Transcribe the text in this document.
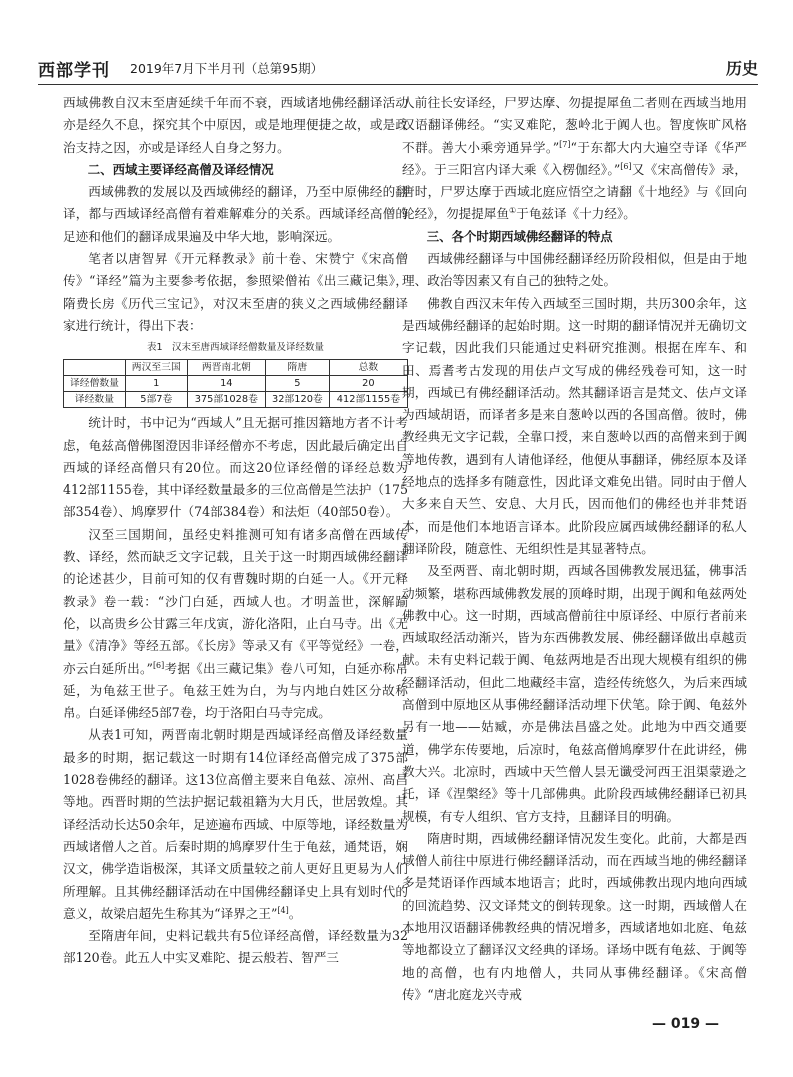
西部学刊 2019年7月下半月刊（总第95期）	历史

西域佛教自汉末至唐延续千年而不衰，西域诸地佛经翻译活动亦是经久不息，探究其个中原因，或是地理便捷之故，或是政治支持之因，亦或是译经人自身之努力。

二、西域主要译经高僧及译经情况

西域佛教的发展以及西域佛经的翻译，乃至中原佛经的翻译，都与西域译经高僧有着难解难分的关系。西域译经高僧的足迹和他们的翻译成果遍及中华大地，影响深远。

笔者以唐智昇《开元释教录》前十卷、宋赞宁《宋高僧传》“译经”篇为主要参考依据，参照梁僧祐《出三藏记集》，隋费长房《历代三宝记》，对汉末至唐的狭义之西域佛经翻译家进行统计，得出下表：

表1　汉末至唐西域译经僧数量及译经数量
	两汉至三国	两晋南北朝	隋唐	总数
译经僧数量	1	14	5	20
译经数量	5部7卷	375部1028卷	32部120卷	412部1155卷

统计时，书中记为“西域人”且无据可推因籍地方者不计考虑，龟兹高僧佛图澄因非译经僧亦不考虑，因此最后确定出自西域的译经高僧只有20位。而这20位译经僧的译经总数为412部1155卷，其中译经数量最多的三位高僧是竺法护（175部354卷）、鸠摩罗什（74部384卷）和法炬（40部50卷）。

汉至三国期间，虽经史料推测可知有诸多高僧在西域传教、译经，然而缺乏文字记载，且关于这一时期西域佛经翻译的论述甚少，目前可知的仅有曹魏时期的白延一人。《开元释教录》卷一载：“沙门白延，西域人也。才明盖世，深解踰伦，以高贵乡公甘露三年戊寅，游化洛阳，止白马寺。出《无量》《清净》等经五部。《长房》等录又有《平等觉经》一卷，亦云白延所出。”[6]考据《出三藏记集》卷八可知，白延亦称帛延，为龟兹王世子。龟兹王姓为白，为与内地白姓区分故称帛。白延译佛经5部7卷，均于洛阳白马寺完成。

从表1可知，两晋南北朝时期是西域译经高僧及译经数量最多的时期，据记载这一时期有14位译经高僧完成了375部1028卷佛经的翻译。这13位高僧主要来自龟兹、凉州、高昌等地。西晋时期的竺法护据记载祖籍为大月氏，世居敦煌。其译经活动长达50余年，足迹遍布西域、中原等地，译经数量为西域诸僧人之首。后秦时期的鸠摩罗什生于龟兹，通梵语，娴汉文，佛学造诣极深，其译文质量较之前人更好且更易为人们所理解。且其佛经翻译活动在中国佛经翻译史上具有划时代的意义，故梁启超先生称其为“译界之王”[4]。

至隋唐年间，史料记载共有5位译经高僧，译经数量为32部120卷。此五人中实叉难陀、提云般若、智严三

人前往长安译经，尸罗达摩、勿提提犀鱼二者则在西域当地用汉语翻译佛经。“实叉难陀，葱岭北于阗人也。智度恢旷风格不群。善大小乘旁通异学。”[7]“于东都大内大遍空寺译《华严经》。于三阳宫内译大乘《入楞伽经》。”[6]又《宋高僧传》录，唐时，尸罗达摩于西域北庭应悟空之请翻《十地经》与《回向轮经》，勿提提犀鱼①于龟兹译《十力经》。

三、各个时期西域佛经翻译的特点

西域佛经翻译与中国佛经翻译经历阶段相似，但是由于地理、政治等因素又有自己的独特之处。

佛教自西汉末年传入西域至三国时期，共历300余年，这是西域佛经翻译的起始时期。这一时期的翻译情况并无确切文字记载，因此我们只能通过史料研究推测。根据在库车、和田、焉耆考古发现的用佉卢文写成的佛经残卷可知，这一时期，西域已有佛经翻译活动。然其翻译语言是梵文、佉卢文译为西域胡语，而译者多是来自葱岭以西的各国高僧。彼时，佛教经典无文字记载，全靠口授，来自葱岭以西的高僧来到于阗等地传教，遇到有人请他译经，他便从事翻译，佛经原本及译经地点的选择多有随意性，因此译文难免出错。同时由于僧人大多来自天竺、安息、大月氏，因而他们的佛经也并非梵语本，而是他们本地语言译本。此阶段应属西域佛经翻译的私人翻译阶段，随意性、无组织性是其显著特点。

及至两晋、南北朝时期，西域各国佛教发展迅猛，佛事活动频繁，堪称西域佛教发展的顶峰时期，出现于阗和龟兹两处佛教中心。这一时期，西域高僧前往中原译经、中原行者前来西域取经活动渐兴，皆为东西佛教发展、佛经翻译做出卓越贡献。未有史料记载于阗、龟兹两地是否出现大规模有组织的佛经翻译活动，但此二地藏经丰富，造经传统悠久，为后来西域高僧到中原地区从事佛经翻译活动埋下伏笔。除于阗、龟兹外另有一地——姑臧，亦是佛法昌盛之处。此地为中西交通要道，佛学东传要地，后凉时，龟兹高僧鸠摩罗什在此讲经，佛教大兴。北凉时，西域中天竺僧人昙无谶受河西王沮渠蒙逊之托，译《涅槃经》等十几部佛典。此阶段西域佛经翻译已初具规模，有专人组织、官方支持，且翻译目的明确。

隋唐时期，西域佛经翻译情况发生变化。此前，大都是西域僧人前往中原进行佛经翻译活动，而在西域当地的佛经翻译多是梵语译作西域本地语言；此时，西域佛教出现内地向西域的回流趋势、汉文译梵文的倒转现象。这一时期，西域僧人在本地用汉语翻译佛教经典的情况增多，西域诸地如北庭、龟兹等地都设立了翻译汉文经典的译场。译场中既有龟兹、于阗等地的高僧，也有内地僧人，共同从事佛经翻译。《宋高僧传》“唐北庭龙兴寺戒

— 019 —
